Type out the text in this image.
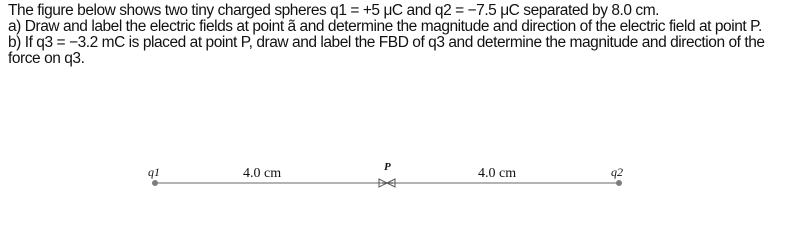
The figure below shows two tiny charged spheres q1 = +5 μC and q2 = −7.5 μC separated by 8.0 cm.

a) Draw and label the electric fields at point ã and determine the magnitude and direction of the electric field at point P.

b) If q3 = −3.2 mC is placed at point P, draw and label the FBD of q3 and determine the magnitude and direction of the force on q3.

q1	4.0 cm	P	4.0 cm	q2
